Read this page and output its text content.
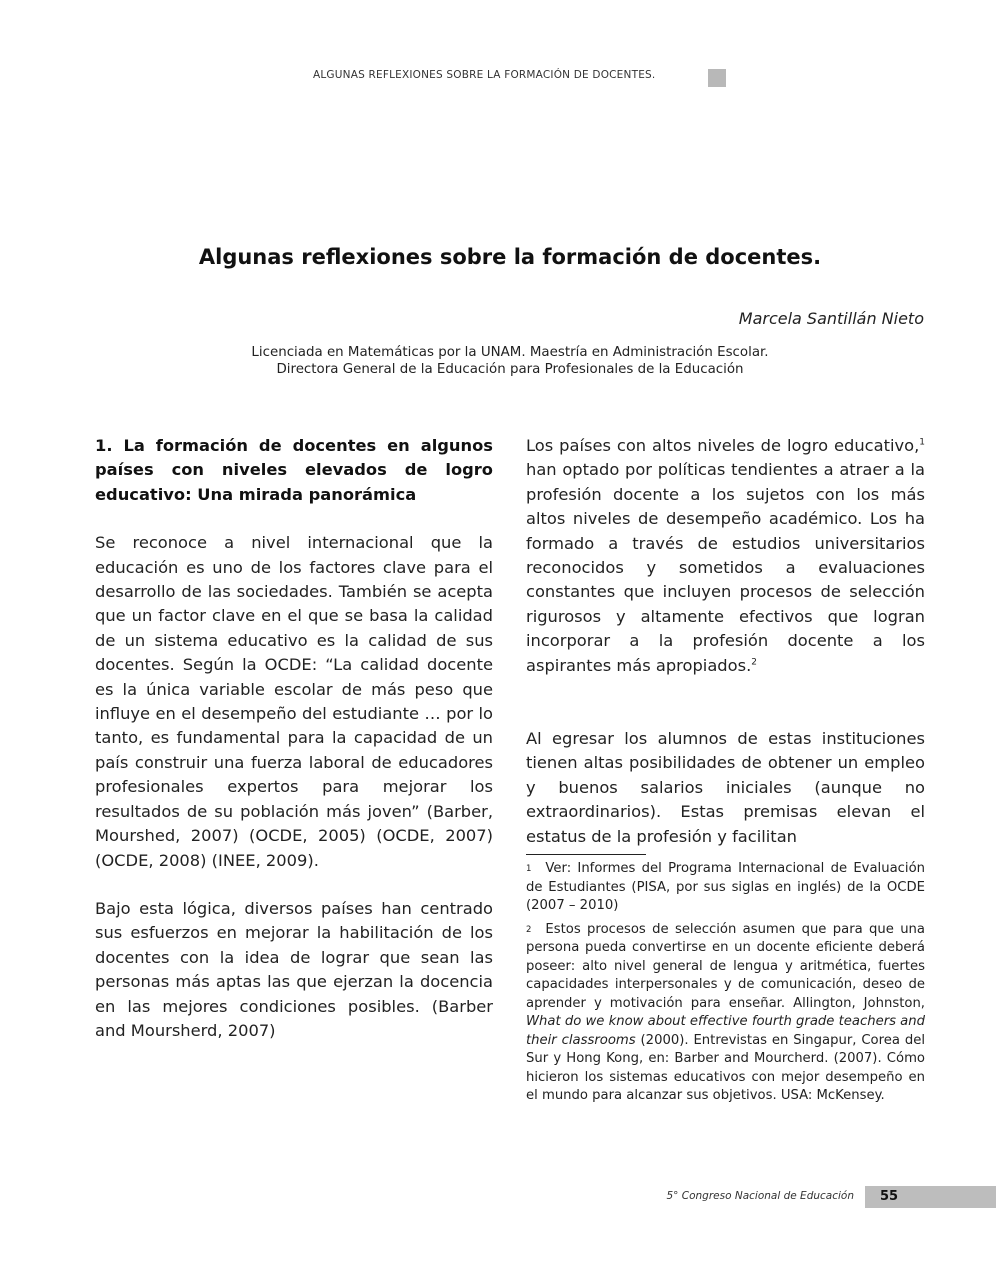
ALGUNAS REFLEXIONES SOBRE LA FORMACIÓN DE DOCENTES.
Algunas reflexiones sobre la formación de docentes.
Marcela Santillán Nieto
Licenciada en Matemáticas por la UNAM. Maestría en Administración Escolar.
Directora General de la Educación para Profesionales de la Educación

1. La formación de docentes en algunos países con niveles elevados de logro educativo: Una mirada panorámica

Se reconoce a nivel internacional que la educación es uno de los factores clave para el desarrollo de las sociedades. También se acepta que un factor clave en el que se basa la calidad de un sistema educativo es la calidad de sus docentes. Según la OCDE: “La calidad docente es la única variable escolar de más peso que influye en el desempeño del estudiante … por lo tanto, es fundamental para la capacidad de un país construir una fuerza laboral de educadores profesionales expertos para mejorar los resultados de su población más joven” (Barber, Mourshed, 2007) (OCDE, 2005) (OCDE, 2007) (OCDE, 2008) (INEE, 2009).

Bajo esta lógica, diversos países han centrado sus esfuerzos en mejorar la habilitación de los docentes con la idea de lograr que sean las personas más aptas las que ejerzan la docencia en las mejores condiciones posibles. (Barber and Moursherd, 2007)

Los países con altos niveles de logro educativo,$^1$ han optado por políticas tendientes a atraer a la profesión docente a los sujetos con los más altos niveles de desempeño académico. Los ha formado a través de estudios universitarios reconocidos y sometidos a evaluaciones constantes que incluyen procesos de selección rigurosos y altamente efectivos que logran incorporar a la profesión docente a los aspirantes más apropiados.$^2$

Al egresar los alumnos de estas instituciones tienen altas posibilidades de obtener un empleo y buenos salarios iniciales (aunque no extraordinarios). Estas premisas elevan el estatus de la profesión y facilitan

$^1$ Ver: Informes del Programa Internacional de Evaluación de Estudiantes (PISA, por sus siglas en inglés) de la OCDE (2007 – 2010)

$^2$ Estos procesos de selección asumen que para que una persona pueda convertirse en un docente eficiente deberá poseer: alto nivel general de lengua y aritmética, fuertes capacidades interpersonales y de comunicación, deseo de aprender y motivación para enseñar. Allington, Johnston, What do we know about effective fourth grade teachers and their classrooms (2000). Entrevistas en Singapur, Corea del Sur y Hong Kong, en: Barber and Mourcherd. (2007). Cómo hicieron los sistemas educativos con mejor desempeño en el mundo para alcanzar sus objetivos. USA: McKensey.

5° Congreso Nacional de Educación 55
